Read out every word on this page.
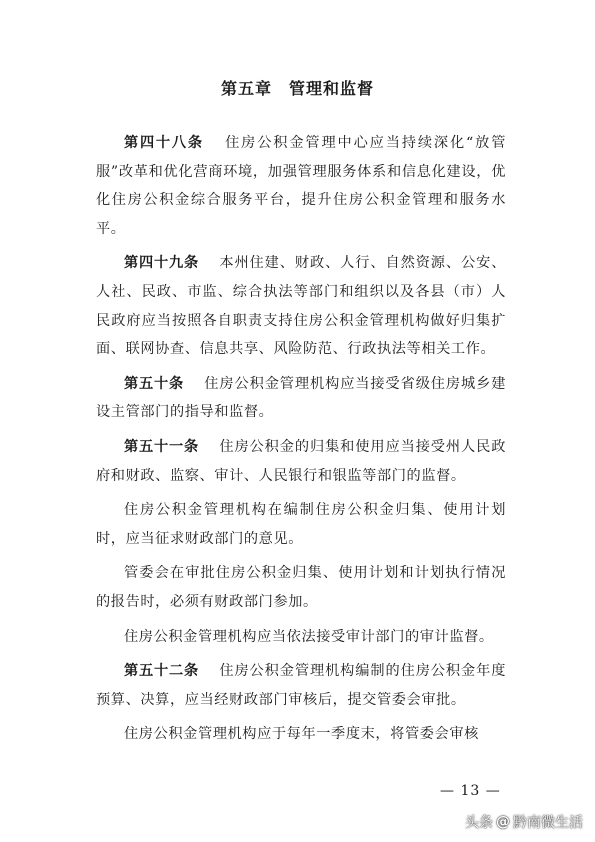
第五章　管理和监督

第四十八条 住房公积金管理中心应当持续深化“放管服”改革和优化营商环境，加强管理服务体系和信息化建设，优化住房公积金综合服务平台，提升住房公积金管理和服务水平。

第四十九条 本州住建、财政、人行、自然资源、公安、人社、民政、市监、综合执法等部门和组织以及各县（市）人民政府应当按照各自职责支持住房公积金管理机构做好归集扩面、联网协查、信息共享、风险防范、行政执法等相关工作。

第五十条 住房公积金管理机构应当接受省级住房城乡建设主管部门的指导和监督。

第五十一条 住房公积金的归集和使用应当接受州人民政府和财政、监察、审计、人民银行和银监等部门的监督。

住房公积金管理机构在编制住房公积金归集、使用计划时，应当征求财政部门的意见。

管委会在审批住房公积金归集、使用计划和计划执行情况的报告时，必须有财政部门参加。

住房公积金管理机构应当依法接受审计部门的审计监督。

第五十二条 住房公积金管理机构编制的住房公积金年度预算、决算，应当经财政部门审核后，提交管委会审批。

住房公积金管理机构应于每年一季度末，将管委会审核

— 13 —
头条 @ 黔南微生活
